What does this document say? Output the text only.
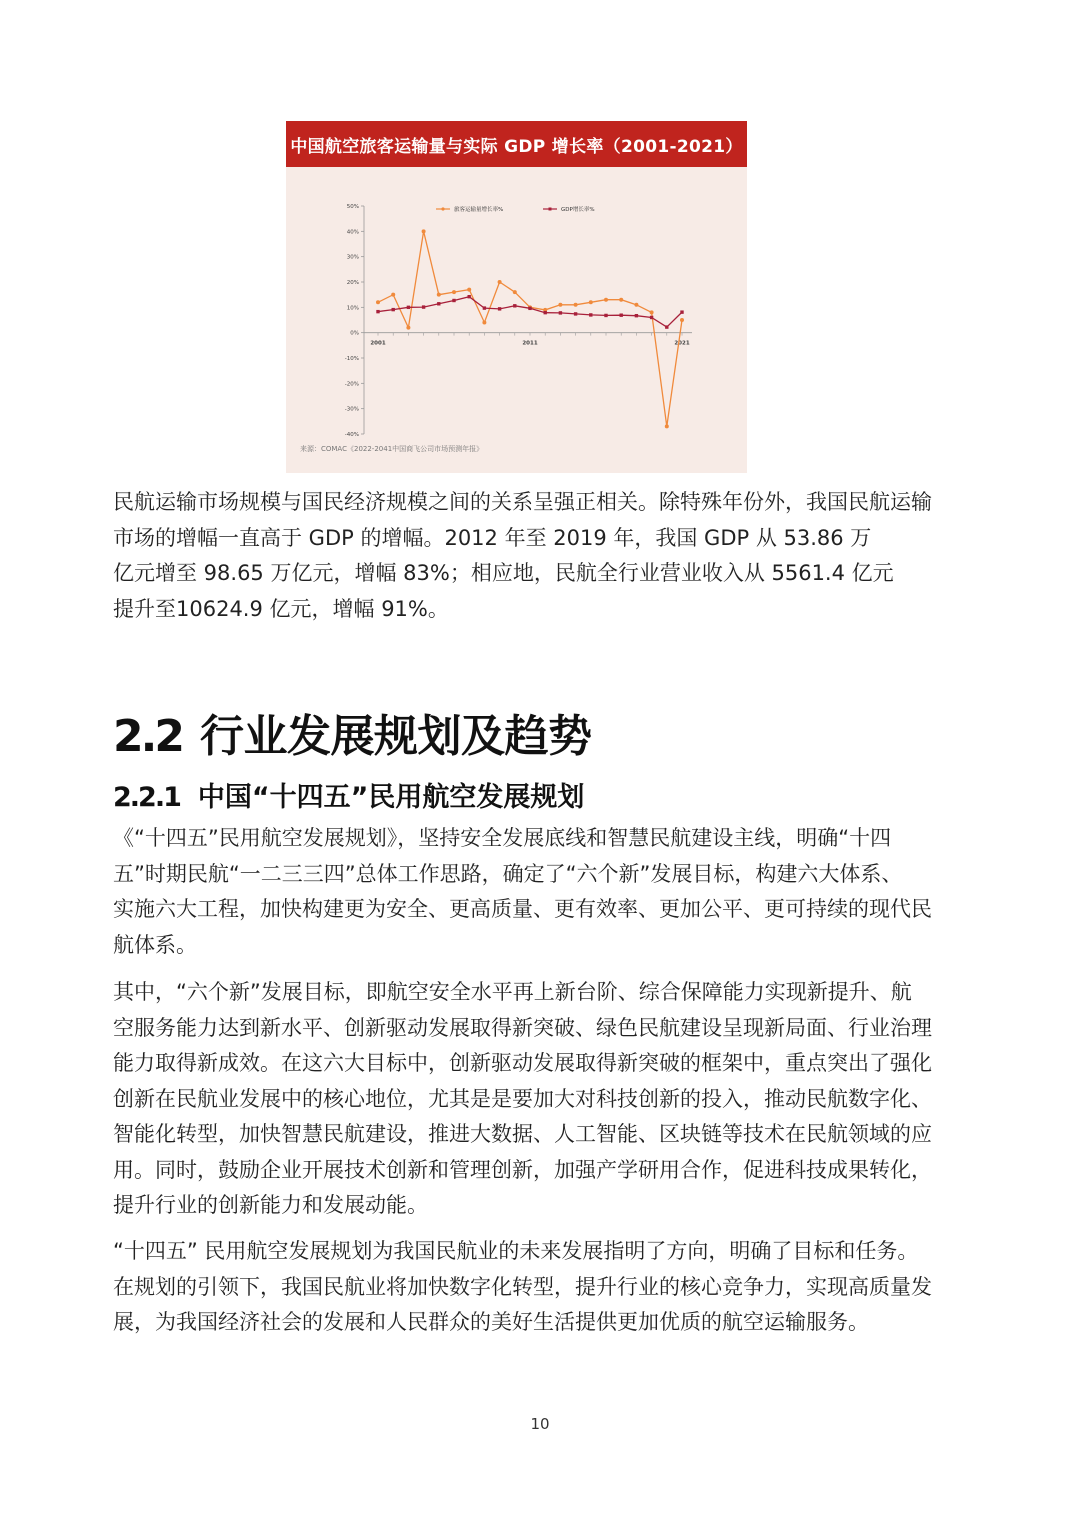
中国航空旅客运输量与实际 GDP 增长率（2001-2021）
50%
40%
30%
20%
10%
0%
-10%
-20%
-30%
-40%
2001	2011	2021
旅客运输量增长率%	GDP增长率%
来源：COMAC《2022-2041中国商飞公司市场预测年报》
民航运输市场规模与国民经济规模之间的关系呈强正相关。除特殊年份外，我国民航运输
市场的增幅一直高于 GDP 的增幅。2012 年至 2019 年，我国 GDP 从 53.86 万
亿元增至 98.65 万亿元，增幅 83%；相应地，民航全行业营业收入从 5561.4 亿元
提升至10624.9 亿元，增幅 91%。
2.2 行业发展规划及趋势
2.2.1 中国“十四五”民用航空发展规划
《“十四五”民用航空发展规划》，坚持安全发展底线和智慧民航建设主线，明确“十四
五”时期民航“一二三三四”总体工作思路，确定了“六个新”发展目标，构建六大体系、
实施六大工程，加快构建更为安全、更高质量、更有效率、更加公平、更可持续的现代民
航体系。
其中，“六个新”发展目标，即航空安全水平再上新台阶、综合保障能力实现新提升、航
空服务能力达到新水平、创新驱动发展取得新突破、绿色民航建设呈现新局面、行业治理
能力取得新成效。在这六大目标中，创新驱动发展取得新突破的框架中，重点突出了强化
创新在民航业发展中的核心地位，尤其是是要加大对科技创新的投入，推动民航数字化、
智能化转型，加快智慧民航建设，推进大数据、人工智能、区块链等技术在民航领域的应
用。同时，鼓励企业开展技术创新和管理创新，加强产学研用合作，促进科技成果转化，
提升行业的创新能力和发展动能。
“十四五” 民用航空发展规划为我国民航业的未来发展指明了方向，明确了目标和任务。
在规划的引领下，我国民航业将加快数字化转型，提升行业的核心竞争力，实现高质量发
展，为我国经济社会的发展和人民群众的美好生活提供更加优质的航空运输服务。
10
